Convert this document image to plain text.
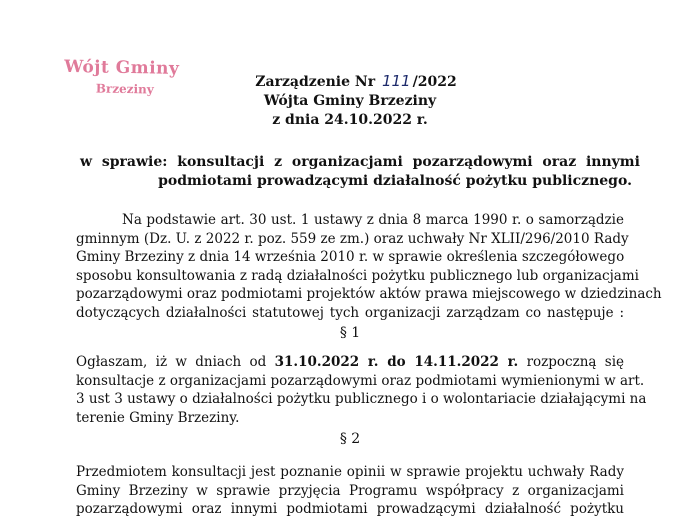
Wójt Gminy
Brzeziny	Zarządzenie Nr 111 /2022
Wójta Gminy Brzeziny
z dnia 24.10.2022 r.
w sprawie: konsultacji z organizacjami pozarządowymi oraz innymi
podmiotami prowadzącymi działalność pożytku publicznego.
Na podstawie art. 30 ust. 1 ustawy z dnia 8 marca 1990 r. o samorządzie
gminnym (Dz. U. z 2022 r. poz. 559 ze zm.) oraz uchwały Nr XLII/296/2010 Rady
Gminy Brzeziny z dnia 14 września 2010 r. w sprawie określenia szczegółowego
sposobu konsultowania z radą działalności pożytku publicznego lub organizacjami
pozarządowymi oraz podmiotami projektów aktów prawa miejscowego w dziedzinach
dotyczących działalności statutowej tych organizacji zarządzam co następuje :
§ 1
Ogłaszam, iż w dniach od 31.10.2022 r. do 14.11.2022 r. rozpoczną się
konsultacje z organizacjami pozarządowymi oraz podmiotami wymienionymi w art.
3 ust 3 ustawy o działalności pożytku publicznego i o wolontariacie działającymi na
terenie Gminy Brzeziny.
§ 2
Przedmiotem konsultacji jest poznanie opinii w sprawie projektu uchwały Rady
Gminy Brzeziny w sprawie przyjęcia Programu współpracy z organizacjami
pozarządowymi oraz innymi podmiotami prowadzącymi działalność pożytku
